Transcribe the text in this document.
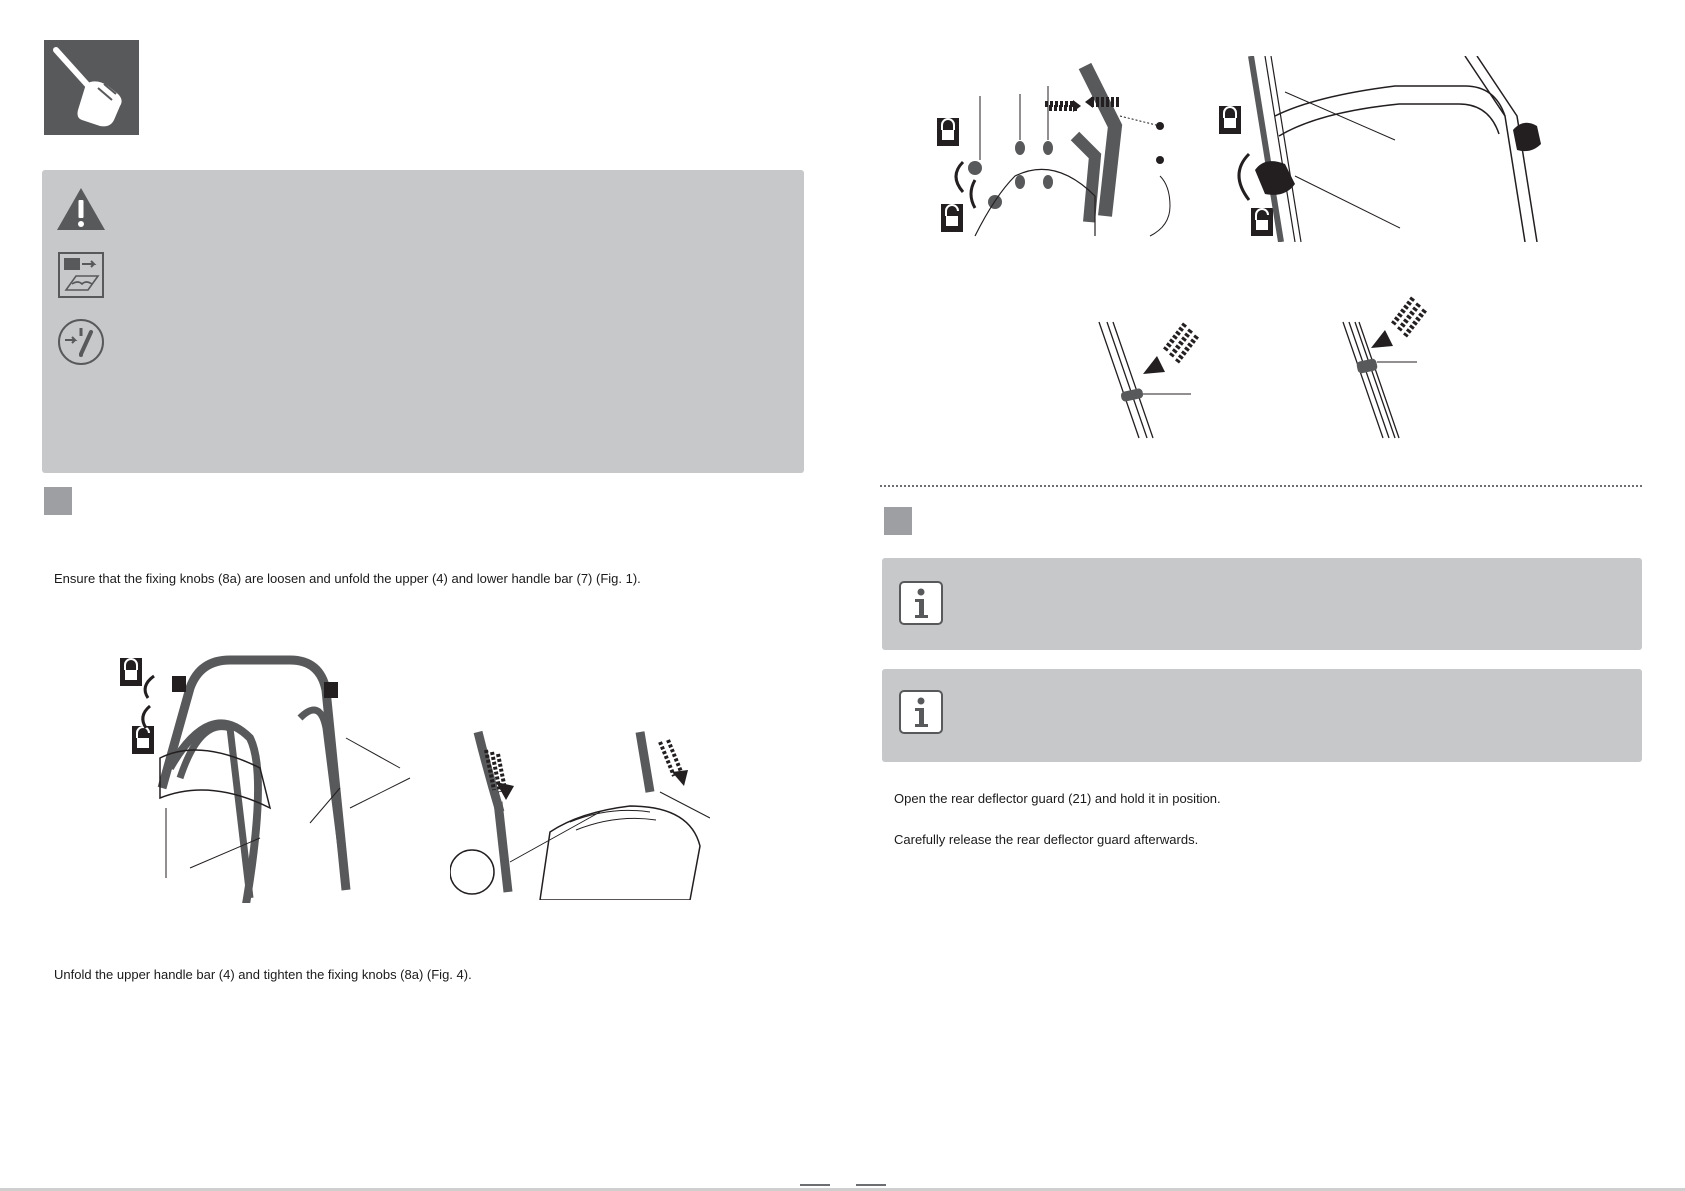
Ensure that the fixing knobs (8a) are loosen and unfold the upper (4) and lower handle bar (7) (Fig. 1).
Unfold the upper handle bar (4) and tighten the fixing knobs (8a) (Fig. 4).
Open the rear deflector guard (21) and hold it in position.
Carefully release the rear deflector guard afterwards.
